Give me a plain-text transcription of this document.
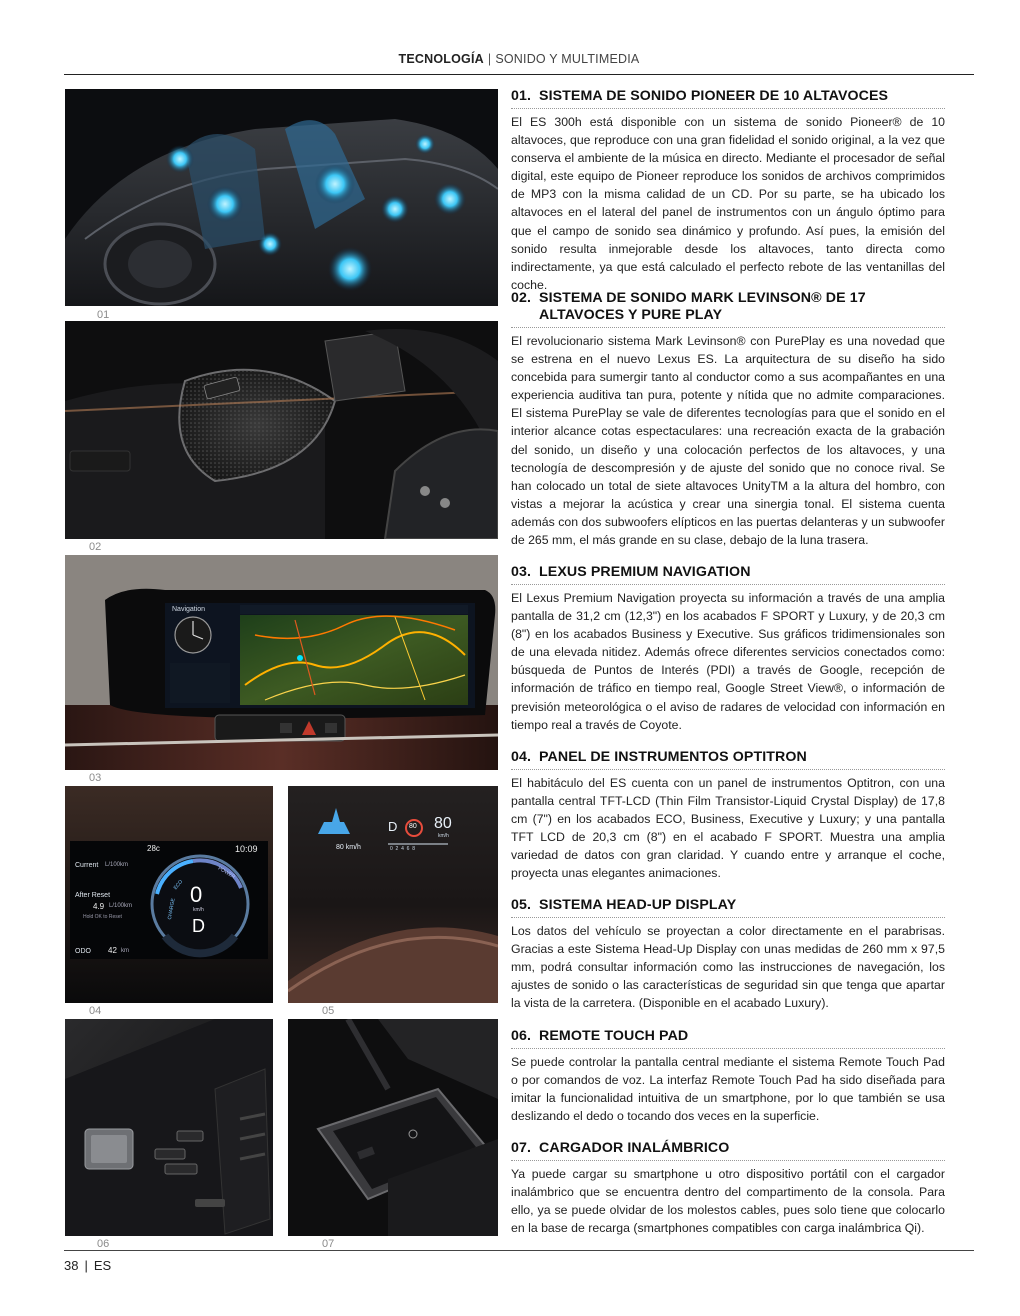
TECNOLOGÍA | SONIDO Y MULTIMEDIA
01
02
Navigation
03
Current L/100km
28c	10:09
After Reset
4.9 L/100km
Hold OK to Reset
ODO 42 km
ECO
POWER
CHARGE
0
km/h
D
04
D 80 80
km/h
0  2  4  6  8
80 km/h
05
06	07
01. SISTEMA DE SONIDO PIONEER DE 10 ALTAVOCES

El ES 300h está disponible con un sistema de sonido Pioneer® de 10 altavoces, que reproduce con una gran fidelidad el sonido original, a la vez que conserva el ambiente de la música en directo. Mediante el procesador de señal digital, este equipo de Pioneer reproduce los sonidos de archivos comprimidos de MP3 con la misma calidad de un CD. Por su parte, se ha ubicado los altavoces en el lateral del panel de instrumentos con un ángulo óptimo para que el campo de sonido sea dinámico y profundo. Así pues, la emisión del sonido resulta inmejorable desde los altavoces, tanto directa como indirectamente, ya que está calculado el perfecto rebote de las ventanillas del coche.

02. SISTEMA DE SONIDO MARK LEVINSON® DE 17
ALTAVOCES Y PURE PLAY

El revolucionario sistema Mark Levinson® con PurePlay es una novedad que se estrena en el nuevo Lexus ES. La arquitectura de su diseño ha sido concebida para sumergir tanto al conductor como a sus acompañantes en una experiencia auditiva tan pura, potente y nítida que no admite comparaciones. El sistema PurePlay se vale de diferentes tecnologías para que el sonido en el interior alcance cotas espectaculares: una recreación exacta de la grabación del sonido, un diseño y una colocación perfectos de los altavoces, y una tecnología de descompresión y de ajuste del sonido que no conoce rival. Se han colocado un total de siete altavoces UnityTM a la altura del hombro, con vistas a mejorar la acústica y crear una sinergia tonal. El sistema cuenta además con dos subwoofers elípticos en las puertas delanteras y un subwoofer de 265 mm, el más grande en su clase, debajo de la luna trasera.

03. LEXUS PREMIUM NAVIGATION

El Lexus Premium Navigation proyecta su información a través de una amplia pantalla de 31,2 cm (12,3") en los acabados F SPORT y Luxury, y de 20,3 cm (8") en los acabados Business y Executive. Sus gráficos tridimensionales son de una elevada nitidez. Además ofrece diferentes servicios conectados como: búsqueda de Puntos de Interés (PDI) a través de Google, recepción de información de tráfico en tiempo real, Google Street View®, o información de previsión meteorológica o el aviso de radares de velocidad con información en tiempo real a través de Coyote.

04. PANEL DE INSTRUMENTOS OPTITRON

El habitáculo del ES cuenta con un panel de instrumentos Optitron, con una pantalla central TFT-LCD (Thin Film Transistor-Liquid Crystal Display) de 17,8 cm (7") en los acabados ECO, Business, Executive y Luxury; y una pantalla TFT LCD de 20,3 cm (8") en el acabado F SPORT. Muestra una amplia variedad de datos con gran claridad. Y cuando entre y arranque el coche, proyecta unas elegantes animaciones.

05. SISTEMA HEAD-UP DISPLAY

Los datos del vehículo se proyectan a color directamente en el parabrisas. Gracias a este Sistema Head-Up Display con unas medidas de 260 mm x 97,5 mm, podrá consultar información como las instrucciones de navegación, los ajustes de sonido o las características de seguridad sin que tenga que apartar la vista de la carretera. (Disponible en el acabado Luxury).

06. REMOTE TOUCH PAD

Se puede controlar la pantalla central mediante el sistema Remote Touch Pad o por comandos de voz. La interfaz Remote Touch Pad ha sido diseñada para imitar la funcionalidad intuitiva de un smartphone, por lo que también se usa deslizando el dedo o tocando dos veces en la superficie.

07. CARGADOR INALÁMBRICO

Ya puede cargar su smartphone u otro dispositivo portátil con el cargador inalámbrico que se encuentra dentro del compartimento de la consola. Para ello, ya se puede olvidar de los molestos cables, pues solo tiene que colocarlo en la base de recarga (smartphones compatibles con carga inalámbrica Qi).

38 | ES
